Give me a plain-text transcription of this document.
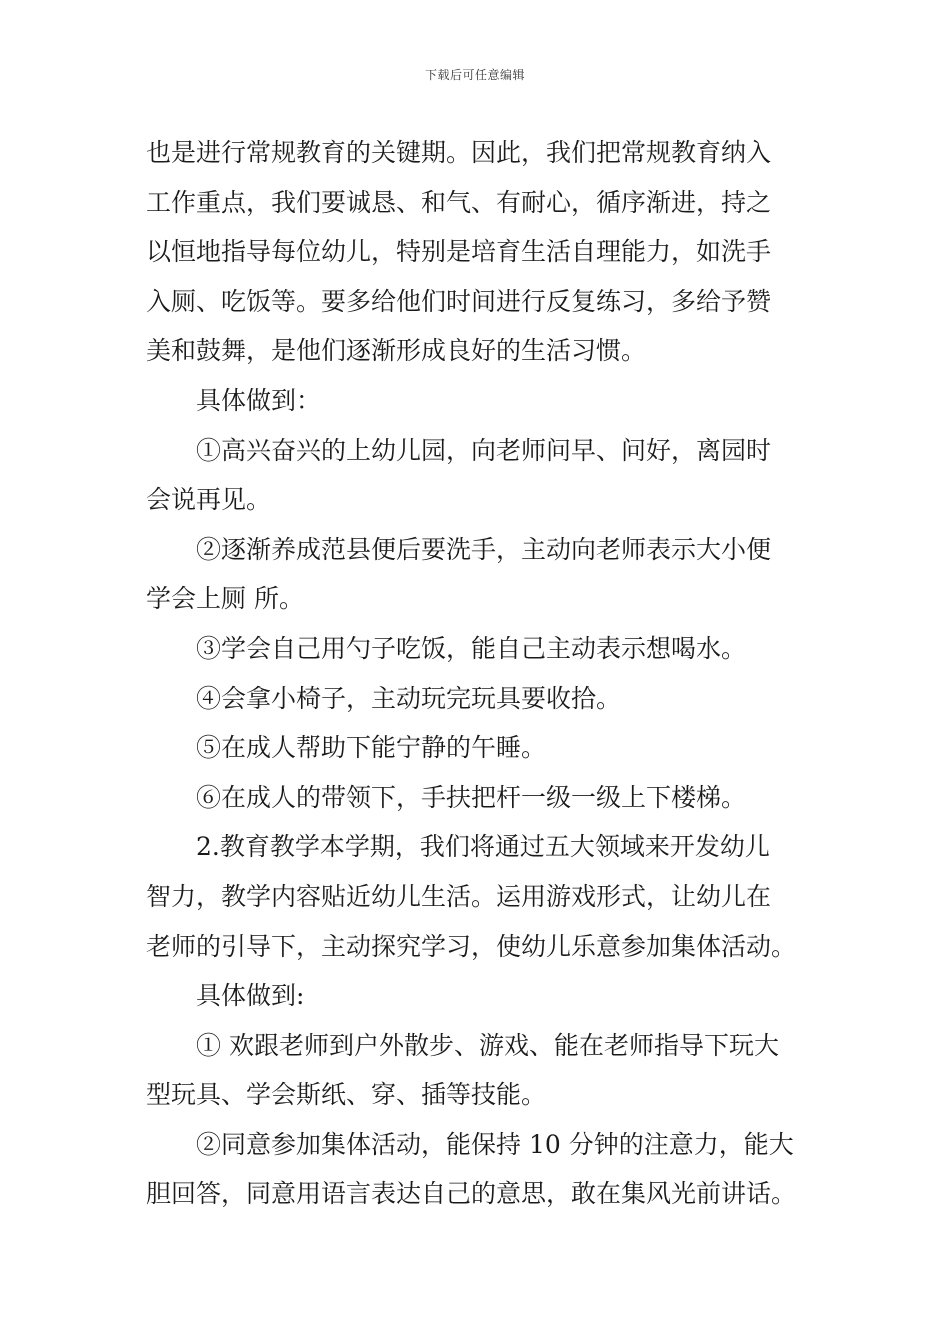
下载后可任意编辑
也是进行常规教育的关键期。因此，我们把常规教育纳入
工作重点，我们要诚恳、和气、有耐心，循序渐进，持之
以恒地指导每位幼儿，特别是培育生活自理能力，如洗手
入厕、吃饭等。要多给他们时间进行反复练习，多给予赞
美和鼓舞，是他们逐渐形成良好的生活习惯。
具体做到：
①高兴奋兴的上幼儿园，向老师问早、问好，离园时
会说再见。
②逐渐养成范县便后要洗手，主动向老师表示大小便
学会上厕 所。
③学会自己用勺子吃饭，能自己主动表示想喝水。
④会拿小椅子，主动玩完玩具要收拾。
⑤在成人帮助下能宁静的午睡。
⑥在成人的带领下，手扶把杆一级一级上下楼梯。
2.教育教学本学期，我们将通过五大领域来开发幼儿
智力，教学内容贴近幼儿生活。运用游戏形式，让幼儿在
老师的引导下，主动探究学习，使幼儿乐意参加集体活动。
具体做到:
① 欢跟老师到户外散步、游戏、能在老师指导下玩大
型玩具、学会斯纸、穿、插等技能。
②同意参加集体活动，能保持 10 分钟的注意力，能大
胆回答，同意用语言表达自己的意思，敢在集风光前讲话。
